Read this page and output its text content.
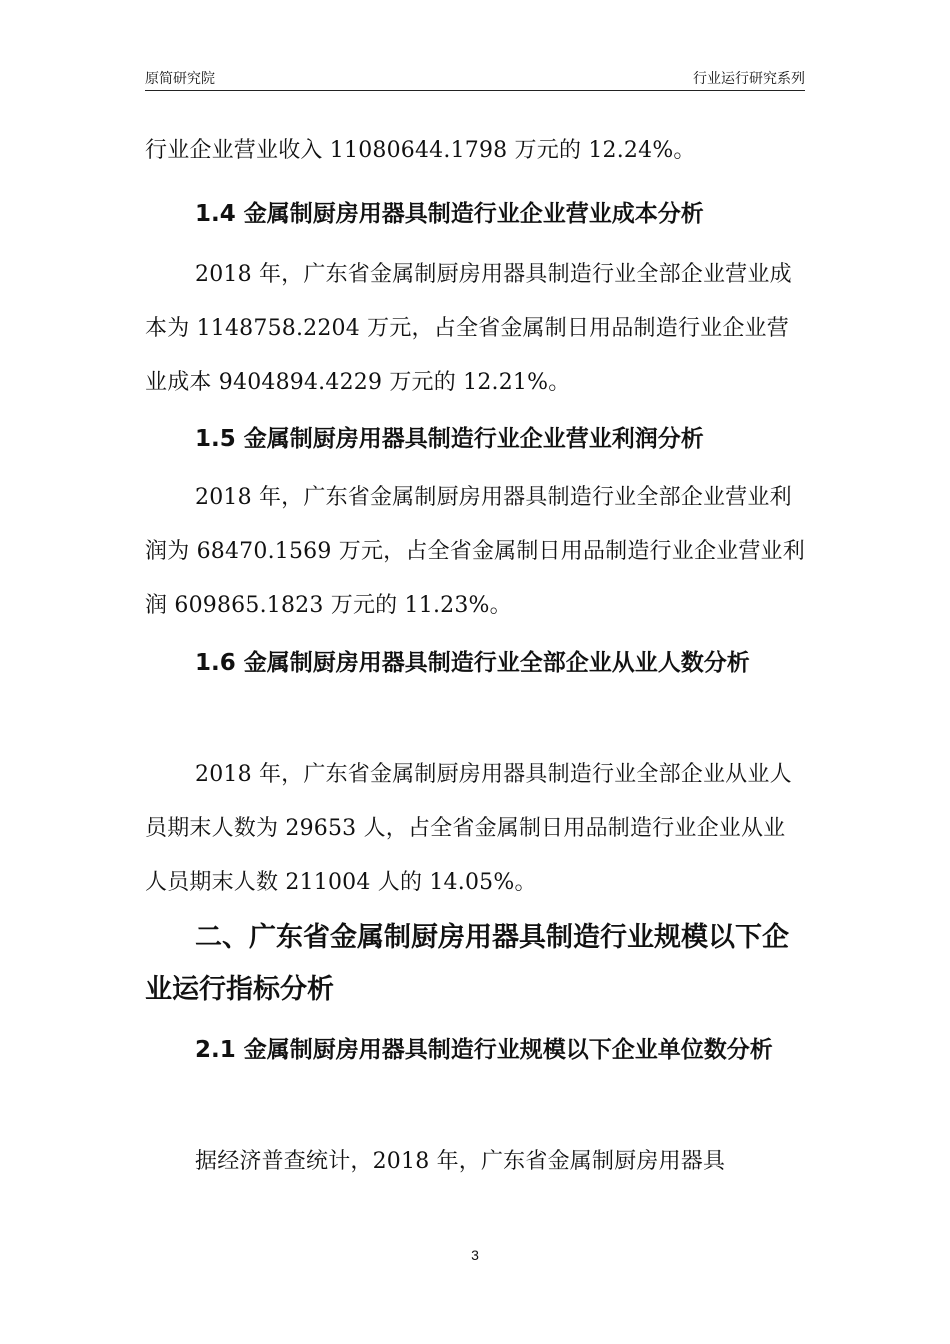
原简研究院	行业运行研究系列
行业企业营业收入 11080644.1798 万元的 12.24%。
1.4 金属制厨房用器具制造行业企业营业成本分析
2018 年，广东省金属制厨房用器具制造行业全部企业营业成本为 1148758.2204 万元，占全省金属制日用品制造行业企业营业成本 9404894.4229 万元的 12.21%。
1.5 金属制厨房用器具制造行业企业营业利润分析
2018 年，广东省金属制厨房用器具制造行业全部企业营业利润为 68470.1569 万元，占全省金属制日用品制造行业企业营业利润 609865.1823 万元的 11.23%。
1.6 金属制厨房用器具制造行业全部企业从业人数分析
2018 年，广东省金属制厨房用器具制造行业全部企业从业人员期末人数为 29653 人，占全省金属制日用品制造行业企业从业人员期末人数 211004 人的 14.05%。
二、广东省金属制厨房用器具制造行业规模以下企业运行指标分析
2.1 金属制厨房用器具制造行业规模以下企业单位数分析
据经济普查统计，2018 年，广东省金属制厨房用器具
3
